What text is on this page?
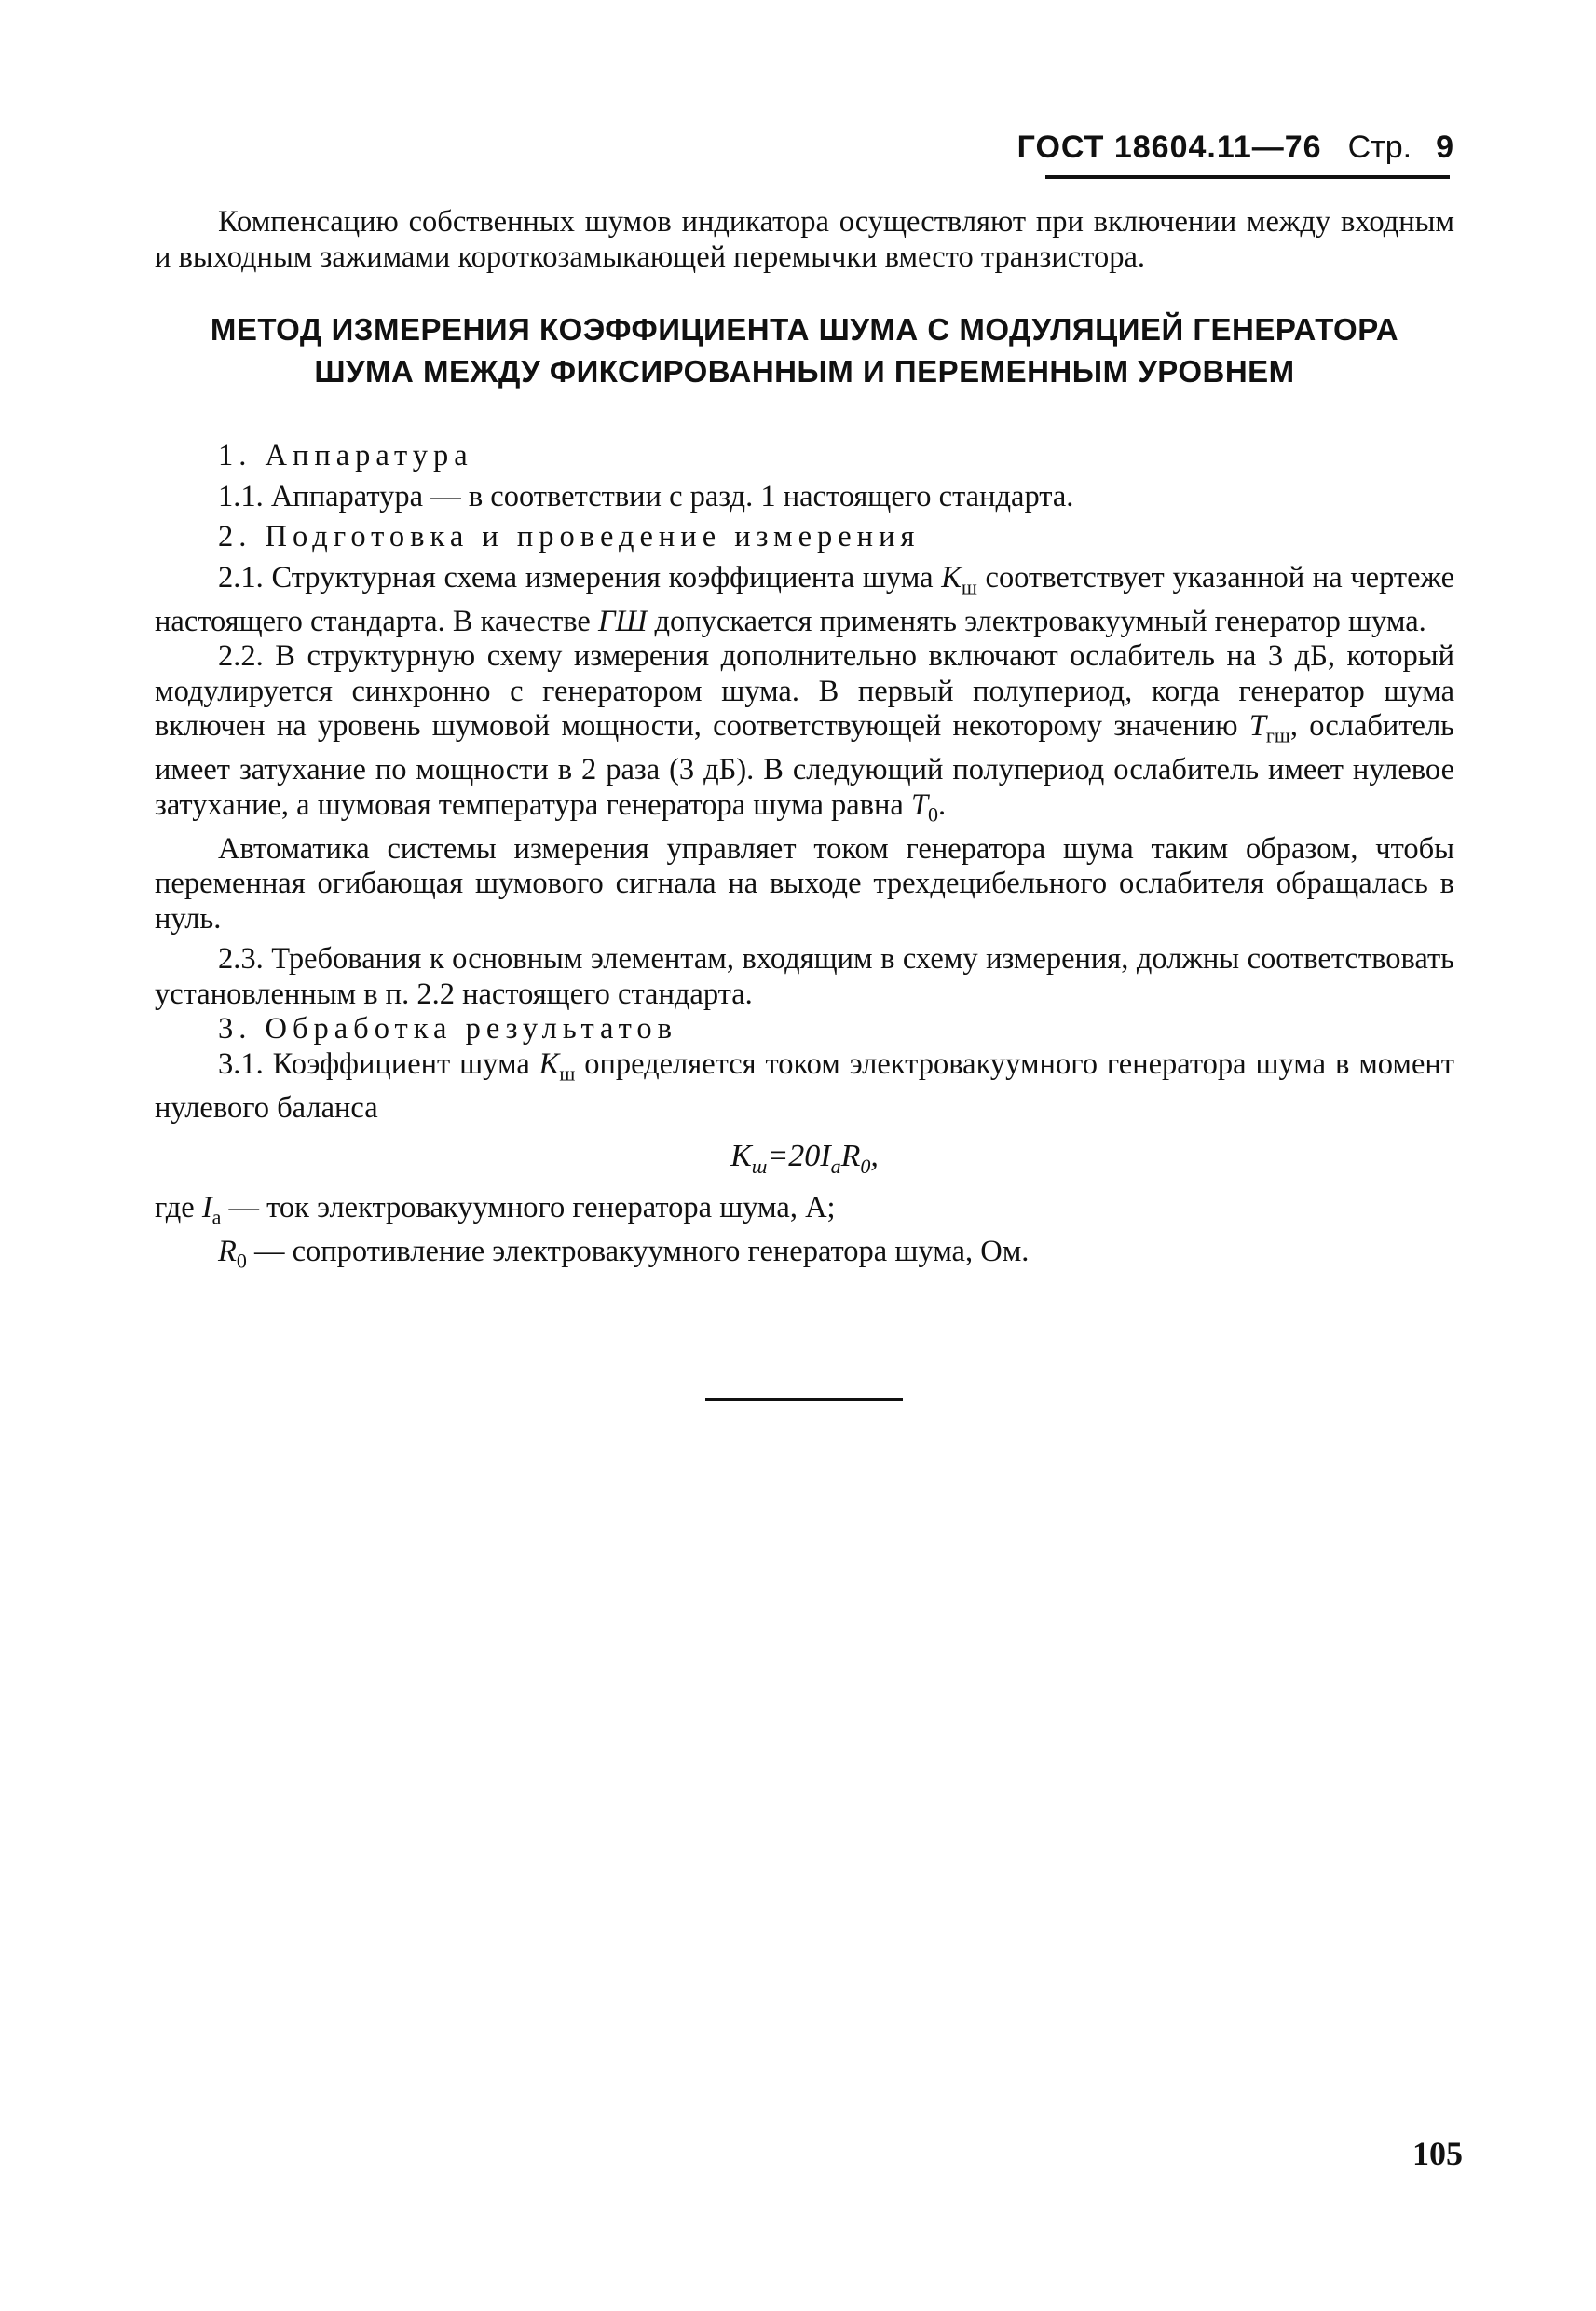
ГОСТ 18604.11—76 Стр. 9

Компенсацию собственных шумов индикатора осуществляют при включении между входным и выходным зажимами короткозамыкающей перемычки вместо транзистора.

МЕТОД ИЗМЕРЕНИЯ КОЭФФИЦИЕНТА ШУМА С МОДУЛЯЦИЕЙ ГЕНЕРАТОРА
ШУМА МЕЖДУ ФИКСИРОВАННЫМ И ПЕРЕМЕННЫМ УРОВНЕМ

1. Аппаратура

1.1. Аппаратура — в соответствии с разд. 1 настоящего стандарта.

2. Подготовка и проведение измерения

2.1. Структурная схема измерения коэффициента шума $K_ш$ соответствует указанной на чертеже настоящего стандарта. В качестве ГШ допускается применять электровакуумный генератор шума.

2.2. В структурную схему измерения дополнительно включают ослабитель на 3 дБ, который модулируется синхронно с генератором шума. В первый полупериод, когда генератор шума включен на уровень шумовой мощности, соответствующей некоторому значению $T_{гш}$, ослабитель имеет затухание по мощности в 2 раза (3 дБ). В следующий полупериод ослабитель имеет нулевое затухание, а шумовая температура генератора шума равна $T_0$.

Автоматика системы измерения управляет током генератора шума таким образом, чтобы переменная огибающая шумового сигнала на выходе трехдецибельного ослабителя обращалась в нуль.

2.3. Требования к основным элементам, входящим в схему измерения, должны соответствовать установленным в п. 2.2 настоящего стандарта.

3. Обработка результатов

3.1. Коэффициент шума $K_ш$ определяется током электровакуумного генератора шума в момент нулевого баланса

$K_ш=20I_аR_0$,

где $I_а$ — ток электровакуумного генератора шума, А;

$R_0$ — сопротивление электровакуумного генератора шума, Ом.

105
